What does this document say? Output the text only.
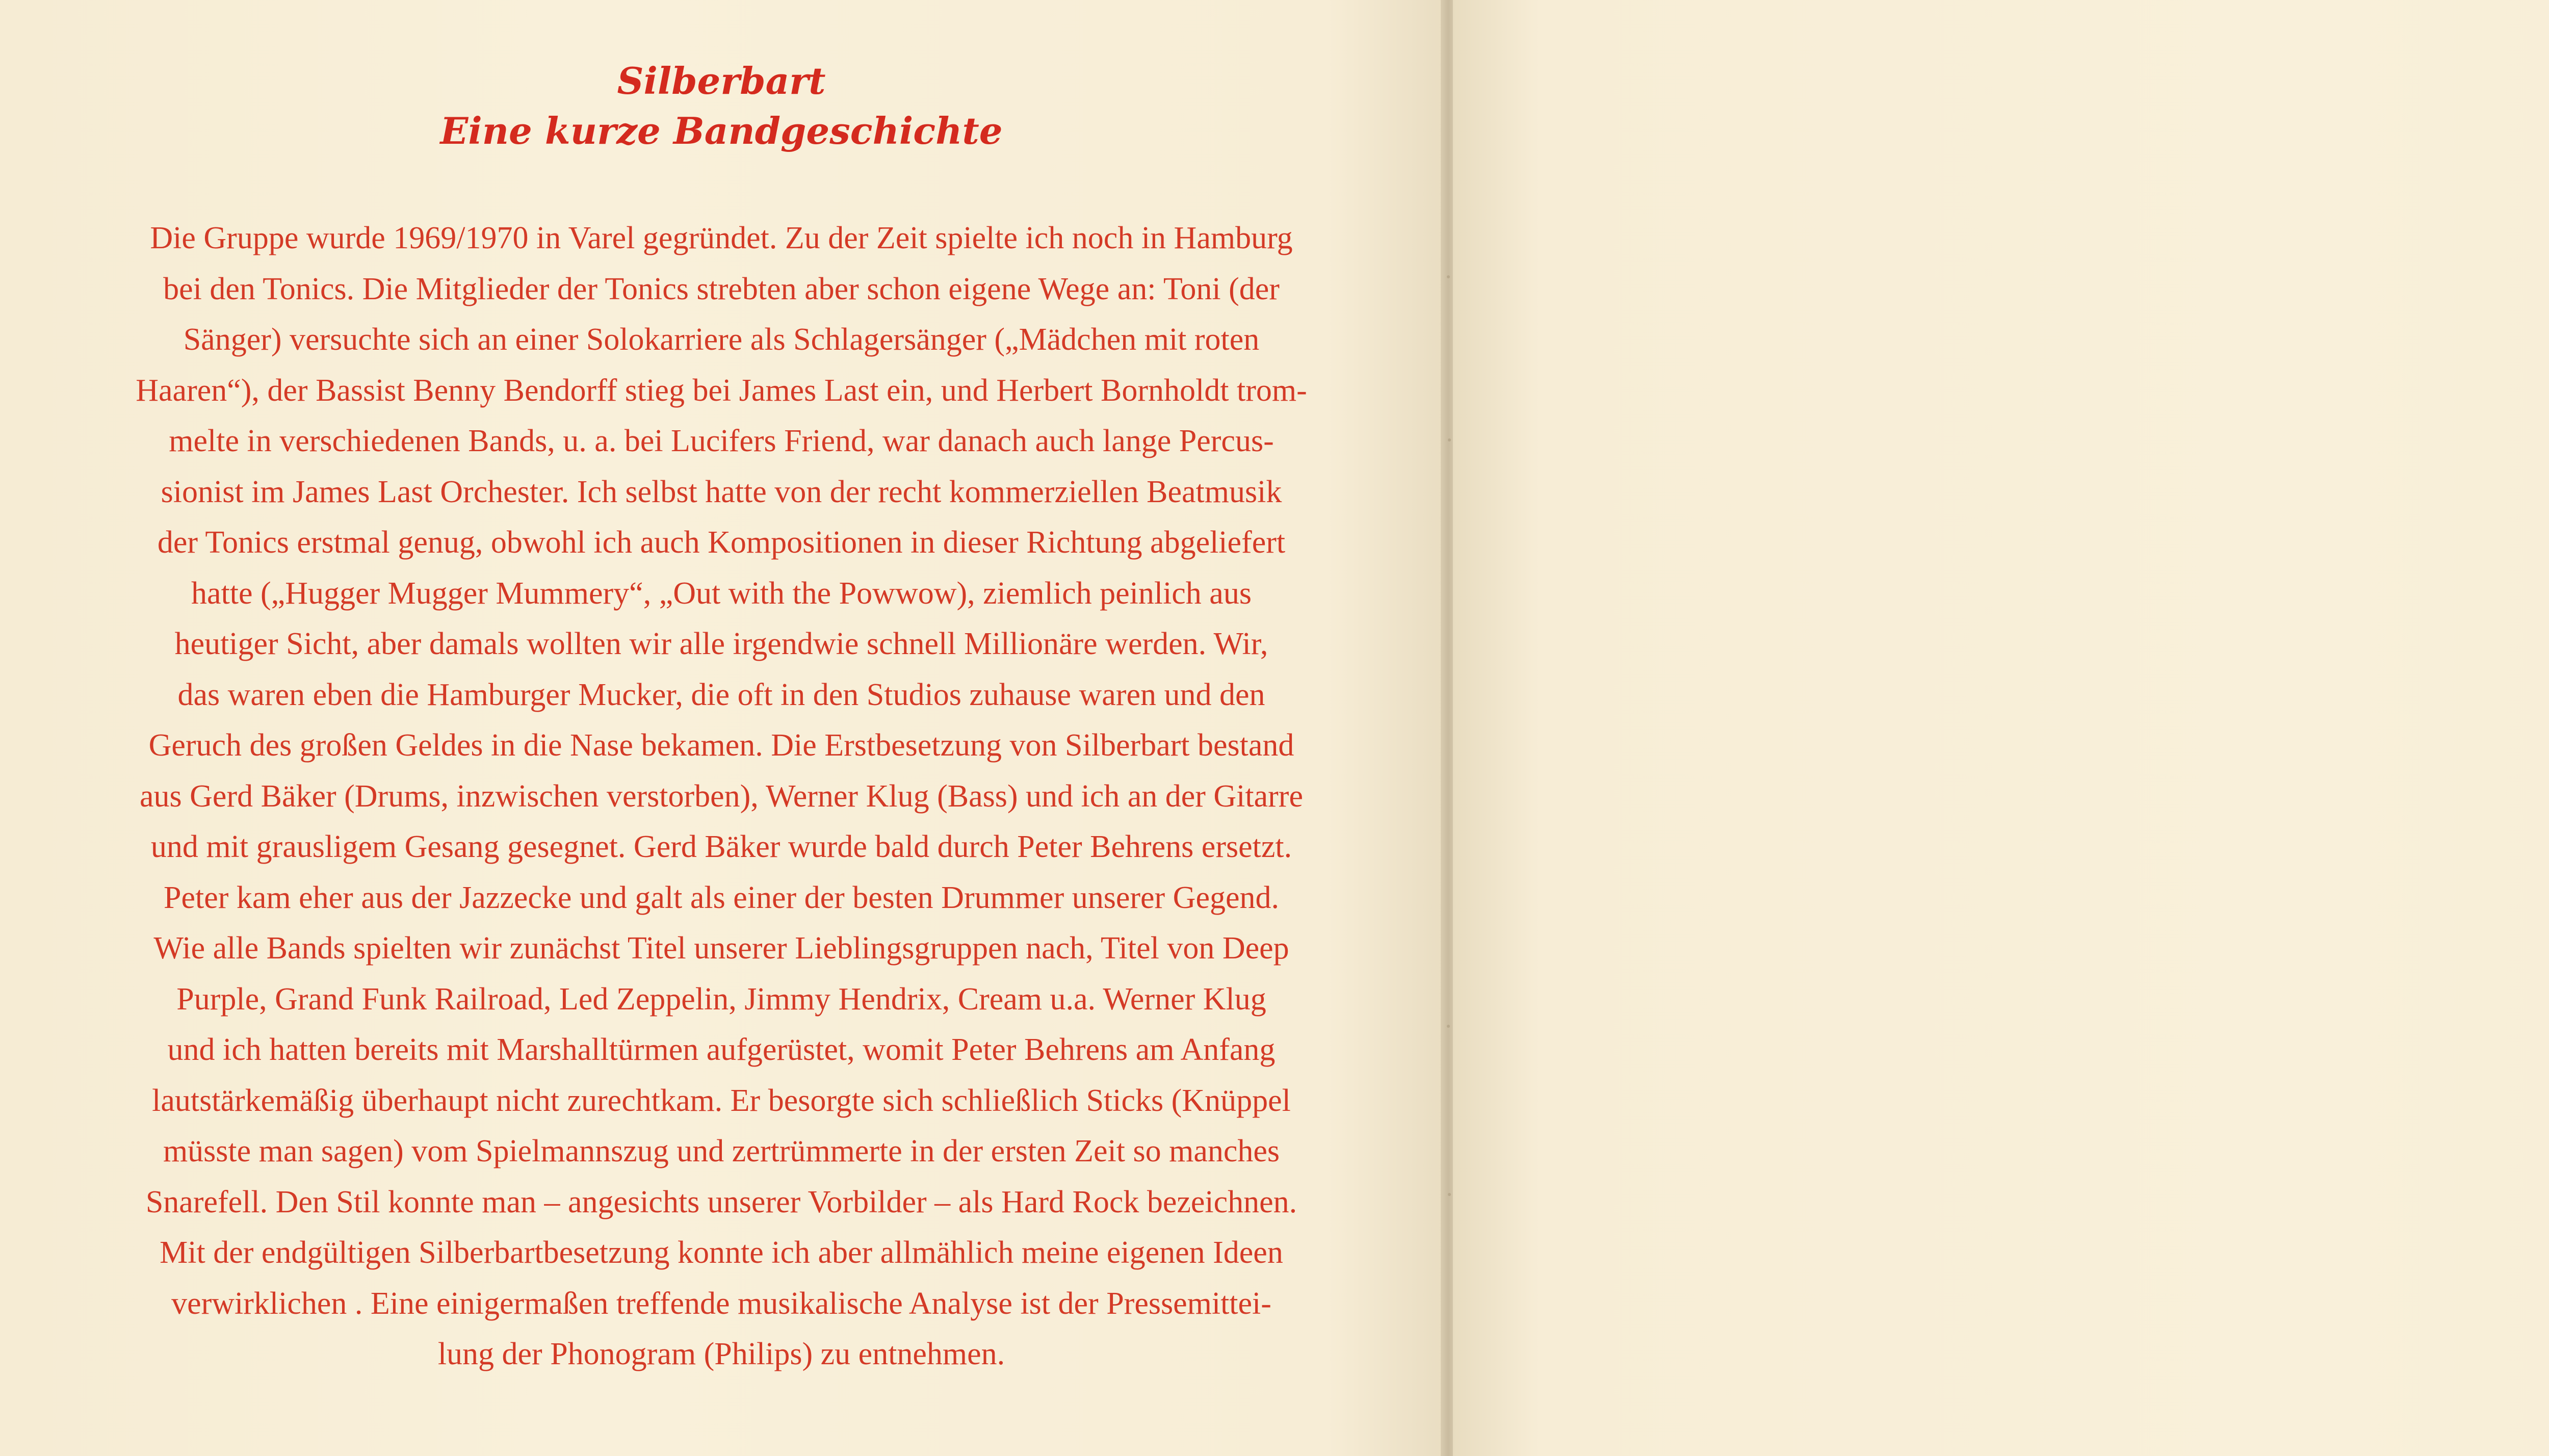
Silberbart
Eine kurze Bandgeschichte
Die Gruppe wurde 1969/1970 in Varel gegründet. Zu der Zeit spielte ich noch in Hamburg
bei den Tonics. Die Mitglieder der Tonics strebten aber schon eigene Wege an: Toni (der
Sänger) versuchte sich an einer Solokarriere als Schlagersänger („Mädchen mit roten
Haaren“), der Bassist Benny Bendorff stieg bei James Last ein, und Herbert Bornholdt trom-
melte in verschiedenen Bands, u. a. bei Lucifers Friend, war danach auch lange Percus-
sionist im James Last Orchester. Ich selbst hatte von der recht kommerziellen Beatmusik
der Tonics erstmal genug, obwohl ich auch Kompositionen in dieser Richtung abgeliefert
hatte („Hugger Mugger Mummery“, „Out with the Powwow), ziemlich peinlich aus
heutiger Sicht, aber damals wollten wir alle irgendwie schnell Millionäre werden. Wir,
das waren eben die Hamburger Mucker, die oft in den Studios zuhause waren und den
Geruch des großen Geldes in die Nase bekamen. Die Erstbesetzung von Silberbart bestand
aus Gerd Bäker (Drums, inzwischen verstorben), Werner Klug (Bass) und ich an der Gitarre
und mit grausligem Gesang gesegnet. Gerd Bäker wurde bald durch Peter Behrens ersetzt.
Peter kam eher aus der Jazzecke und galt als einer der besten Drummer unserer Gegend.
Wie alle Bands spielten wir zunächst Titel unserer Lieblingsgruppen nach, Titel von Deep
Purple, Grand Funk Railroad, Led Zeppelin, Jimmy Hendrix, Cream u.a. Werner Klug
und ich hatten bereits mit Marshalltürmen aufgerüstet, womit Peter Behrens am Anfang
lautstärkemäßig überhaupt nicht zurechtkam. Er besorgte sich schließlich Sticks (Knüppel
müsste man sagen) vom Spielmannszug und zertrümmerte in der ersten Zeit so manches
Snarefell. Den Stil konnte man – angesichts unserer Vorbilder – als Hard Rock bezeichnen.
Mit der endgültigen Silberbartbesetzung konnte ich aber allmählich meine eigenen Ideen
verwirklichen . Eine einigermaßen treffende musikalische Analyse ist der Pressemittei-
lung der Phonogram (Philips) zu entnehmen.
